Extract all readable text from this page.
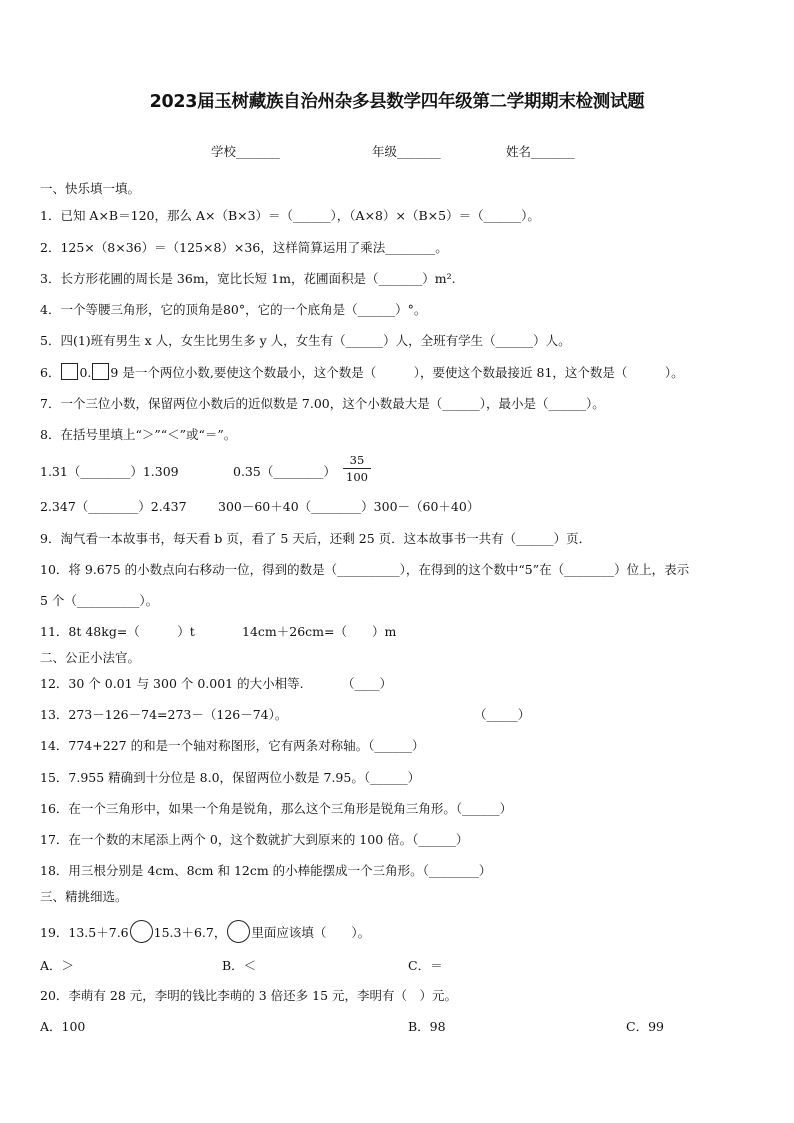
2023届玉树藏族自治州杂多县数学四年级第二学期期末检测试题
学校_______	年级_______	姓名_______
一、快乐填一填。
1．已知 A×B＝120，那么 A×（B×3）＝（______），（A×8）×（B×5）＝（______）。
2．125×（8×36）＝（125×8）×36，这样简算运用了乘法________。
3．长方形花圃的周长是 36m，宽比长短 1m，花圃面积是（_______）m².
4．一个等腰三角形，它的顶角是80°，它的一个底角是（______）°。
5．四(1)班有男生 x 人，女生比男生多 y 人，女生有（______）人，全班有学生（______）人。
6． 0. 9 是一个两位小数,要使这个数最小，这个数是（　　　），要使这个数最接近 81，这个数是（　　　）。
7．一个三位小数，保留两位小数后的近似数是 7.00，这个小数最大是（______），最小是（______）。
8．在括号里填上“＞”“＜”或“＝”。
1.31（________）1.309	0.35（________） $\frac{35}{100}$
2.347（________）2.437	300－60＋40（________）300－（60＋40）
9．淘气看一本故事书，每天看 b 页，看了 5 天后，还剩 25 页．这本故事书一共有（______）页．
10．将 9.675 的小数点向右移动一位，得到的数是（__________），在得到的这个数中“5”在（________）位上，表示
5 个（__________）。
11．8t 48kg=（　　　）t	14cm＋26cm=（　　）m
二、公正小法官。
12．30 个 0.01 与 300 个 0.001 的大小相等.	（____）
13．273－126－74=273－（126－74）。	（_____）
14．774+227 的和是一个轴对称图形，它有两条对称轴。（______）
15．7.955 精确到十分位是 8.0，保留两位小数是 7.95。（______）
16．在一个三角形中，如果一个角是锐角，那么这个三角形是锐角三角形。（______）
17．在一个数的末尾添上两个 0，这个数就扩大到原来的 100 倍。（______）
18．用三根分别是 4cm、8cm 和 12cm 的小棒能摆成一个三角形。（________）
三、精挑细选。
19．13.5＋7.6 15.3＋6.7， 里面应该填（　　）。
A．＞	B．＜	C．＝
20．李萌有 28 元，李明的钱比李萌的 3 倍还多 15 元，李明有（　）元。
A．100	B．98	C．99
